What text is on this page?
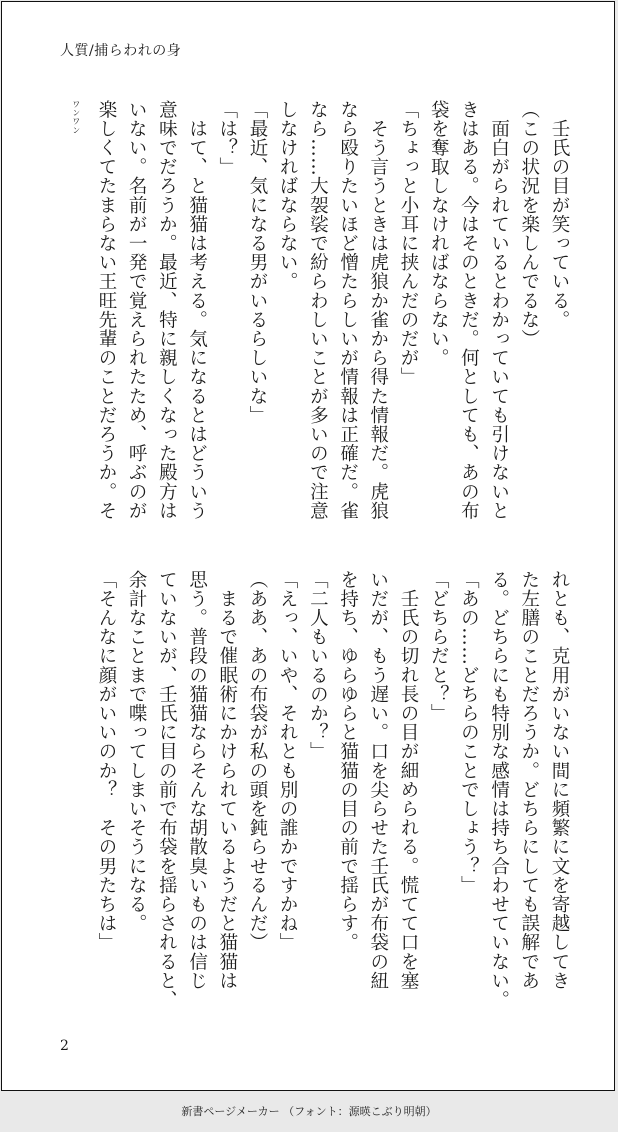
人質/捕らわれの身
　壬氏の目が笑っている。
（この状況を楽しんでるな）
　面白がられているとわかっていても引けないと
きはある。今はそのときだ。何としても、あの布
袋を奪取しなければならない。
「ちょっと小耳に挟んだのだが」
　そう言うときは虎狼か雀から得た情報だ。虎狼
なら殴りたいほど憎たらしいが情報は正確だ。雀
なら……大袈裟で紛らわしいことが多いので注意
しなければならない。
「最近、気になる男がいるらしいな」
「は？」
　はて、と猫猫は考える。気になるとはどういう
意味でだろうか。最近、特に親しくなった殿方は
いない。名前が一発で覚えられたため、呼ぶのが
楽しくてたまらない王旺先輩のことだろうか。そ
ワンワン
れとも、克用がいない間に頻繁に文を寄越してき
た左膳のことだろうか。どちらにしても誤解であ
る。どちらにも特別な感情は持ち合わせていない。
「あの……どちらのことでしょう？」
「どちらだと？」
　壬氏の切れ長の目が細められる。慌てて口を塞
いだが、もう遅い。口を尖らせた壬氏が布袋の紐
を持ち、ゆらゆらと猫猫の目の前で揺らす。
「二人もいるのか？」
「えっ、いや、それとも別の誰かですかね」
（ああ、あの布袋が私の頭を鈍らせるんだ）
　まるで催眠術にかけられているようだと猫猫は
思う。普段の猫猫ならそんな胡散臭いものは信じ
ていないが、壬氏に目の前で布袋を揺らされると、
余計なことまで喋ってしまいそうになる。
「そんなに顔がいいのか？　その男たちは」
2
新書ページメーカー （フォント：源暎こぶり明朝）
